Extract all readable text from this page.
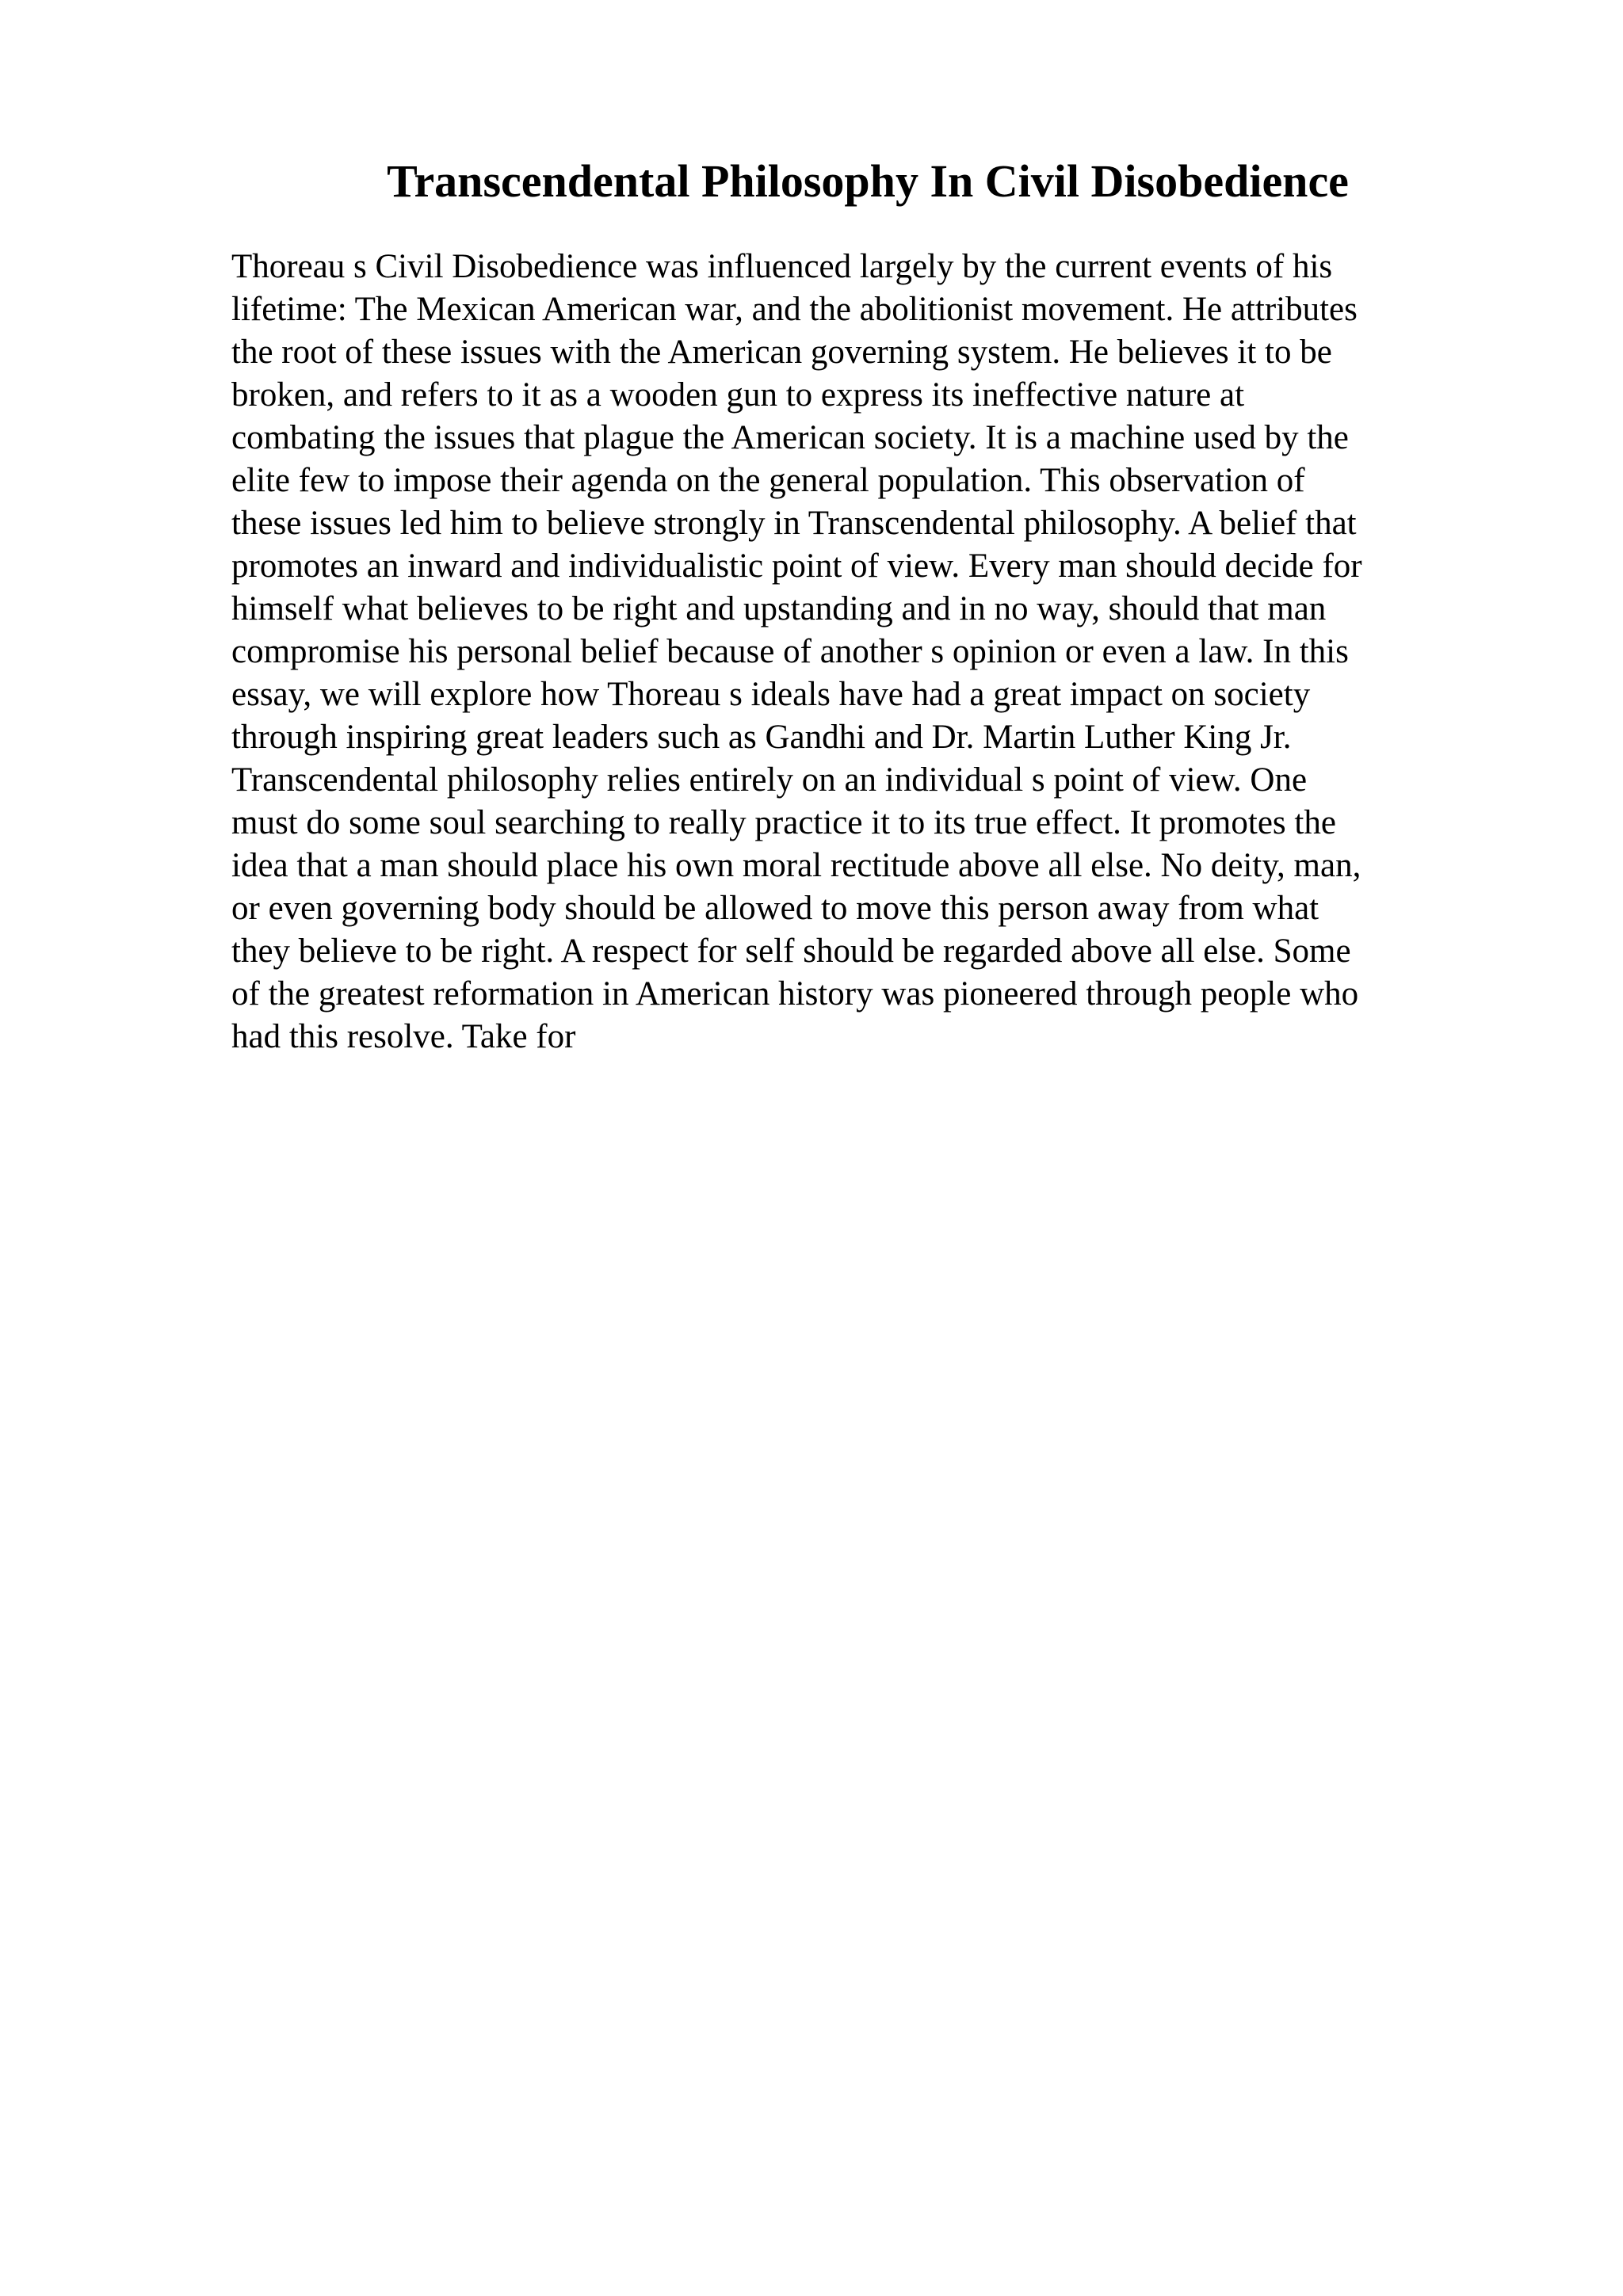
Transcendental Philosophy In Civil Disobedience
Thoreau s Civil Disobedience was influenced largely by the current events of his
lifetime: The Mexican American war, and the abolitionist movement. He attributes
the root of these issues with the American governing system. He believes it to be
broken, and refers to it as a wooden gun to express its ineffective nature at
combating the issues that plague the American society. It is a machine used by the
elite few to impose their agenda on the general population. This observation of
these issues led him to believe strongly in Transcendental philosophy. A belief that
promotes an inward and individualistic point of view. Every man should decide for
himself what believes to be right and upstanding and in no way, should that man
compromise his personal belief because of another s opinion or even a law. In this
essay, we will explore how Thoreau s ideals have had a great impact on society
through inspiring great leaders such as Gandhi and Dr. Martin Luther King Jr.
Transcendental philosophy relies entirely on an individual s point of view. One
must do some soul searching to really practice it to its true effect. It promotes the
idea that a man should place his own moral rectitude above all else. No deity, man,
or even governing body should be allowed to move this person away from what
they believe to be right. A respect for self should be regarded above all else. Some
of the greatest reformation in American history was pioneered through people who
had this resolve. Take for
